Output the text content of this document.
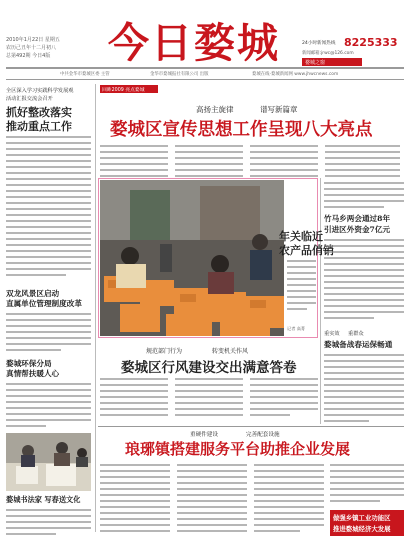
今日婺城
2010年1月22日 星期五
农历己丑年十二月初八
总第492期 今日4版
24小时新闻热线 8225333
新闻邮箱:jrwc@126.com
婺城之窗
中共金华市婺城区委 主管	金华市婺城报社有限公司 出版	婺城在线·婺城新闻网 www.jhwcnews.com
全区深入学习实践科学发展观
活动汇报交流会召开
抓好整改落实
推动重点工作
双龙风景区启动
直属单位管理制度改革
婺城环保分局
真情帮扶暖人心
婺城书法家 写春送文化
回眸2009 亮点婺城
高扬主旋律	谱写新篇章
婺城区宣传思想工作呈现八大亮点
年关临近
农产品俏销
记者 高菁
竹马乡两会通过8年
引进区外资金7亿元
重实效 重群众
婺城备战春运保畅通
规范部门行为	转变机关作风
婺城区行风建设交出满意答卷
重硬件建设	完善配套设施
琅琊镇搭建服务平台助推企业发展
做强乡镇工业功能区
推进婺城经济大发展
